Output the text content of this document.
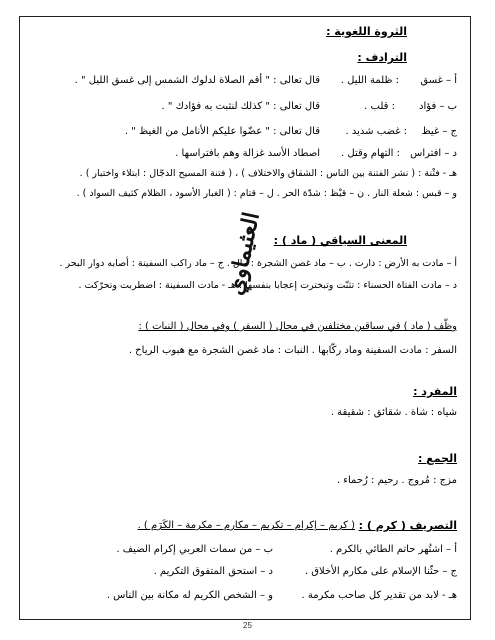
الثروة اللغوية :
الترادف :
أ – غسق
: ظلمة الليل .
قال تعالى : " أقم الصلاة لدلوك الشمس إلى غسق الليل " .
ب – فؤاد
: قلب .
قال تعالى : " كذلك لنثبت به فؤادك " .
ج – غيظ
: غضب شديد .
قال تعالى : " عضّوا عليكم الأنامل من الغيظ " .
د – افتراس
: التهام وقتل .
اصطاد الأسد غزالة وهم بافتراسها .
هـ - فتْنة : ( نشر الفتنة بين الناس : الشقاق والاختلاف ) ، ( فتنة المسيح الدجّال : ابتلاء واختبار ) .
و – قبس : شعلة النار . ن – قيْظ : شدّة الحر . ل – قتام : ( الغبار الأسود ، الظلام كثيف السواد ) .
المعنى السياقي ( ماد ) :
أ – مادت به الأرض : دارت . ب – ماد غصن الشجرة : مال . ج – ماد راكب السفينة : أصابه دوار البحر .
د – مادت الفتاة الحسناء : تثنّت وتبخترت إعجابا بنفسها . هـ - مادت السفينة : اضطربت وتحرّكت .
وظّف ( ماد ) في سياقين مختلفين في مجال ( السفر ) وفي مجال ( النبات ) :
السفر : مادت السفينة وماد ركّابها . النبات : ماد غصن الشجرة مع هبوب الرياح .
المفرد :
شياه : شاة . شقائق : شقيقة .
الجمع :
مزج : مُروج . رحيم : رُحماء .
التصريف ( كرم ) :
( كريم – إكرام – تكريم – مكارم – مكرمة – الكَرَم ) .
أ – اشتُهر حاتم الطائي بالكرم .
ب – من سمات العربي إكرام الضيف .
ج – حثّنا الإسلام على مكارم الأخلاق .
د – استحق المتفوق التكريم .
هـ - لابد من تقدير كل صاحب مكرمة .
و – الشخص الكريم له مكانة بين الناس .
العثيماوي
25
